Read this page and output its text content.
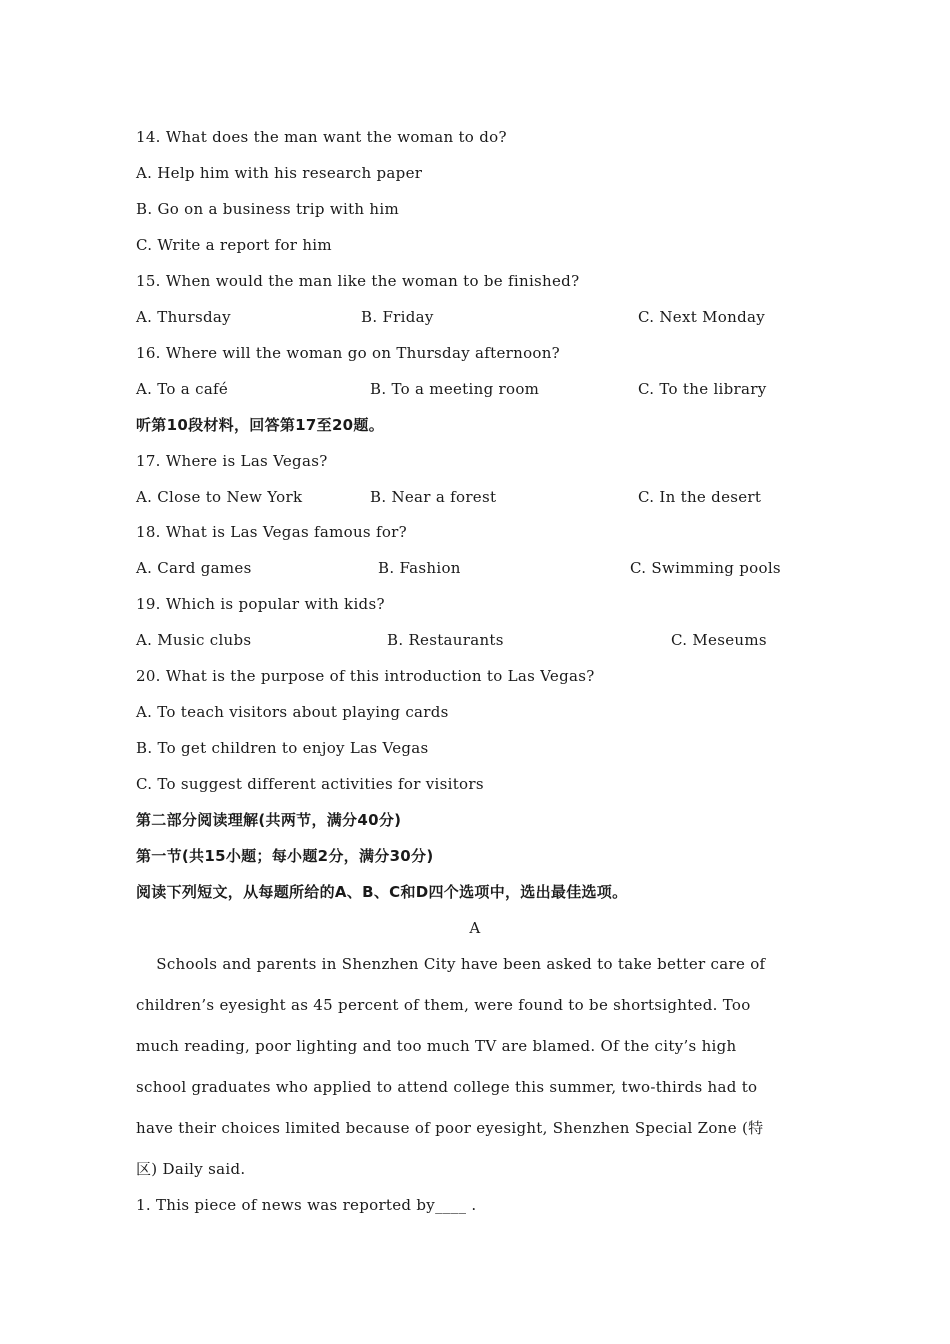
14. What does the man want the woman to do?
A. Help him with his research paper
B. Go on a business trip with him
C. Write a report for him
15. When would the man like the woman to be finished?
A. Thursday	B. Friday	C. Next Monday
16. Where will the woman go on Thursday afternoon?
A. To a café	B. To a meeting room	C. To the library
听第10段材料，回答第17至20题。
17. Where is Las Vegas?
A. Close to New York	B. Near a forest	C. In the desert
18. What is Las Vegas famous for?
A. Card games	B. Fashion	C. Swimming pools
19. Which is popular with kids?
A. Music clubs	B. Restaurants	C. Meseums
20. What is the purpose of this introduction to Las Vegas?
A. To teach visitors about playing cards
B. To get children to enjoy Las Vegas
C. To suggest different activities for visitors
第二部分阅读理解(共两节，满分40分)
第一节(共15小题；每小题2分，满分30分)
阅读下列短文，从每题所给的A、B、C和D四个选项中，选出最佳选项。
A
Schools and parents in Shenzhen City have been asked to take better care of
children’s eyesight as 45 percent of them, were found to be shortsighted. Too
much reading, poor lighting and too much TV are blamed. Of the city’s high
school graduates who applied to attend college this summer, two-thirds had to
have their choices limited because of poor eyesight, Shenzhen Special Zone (特
区) Daily said.
1. This piece of news was reported by____ .
